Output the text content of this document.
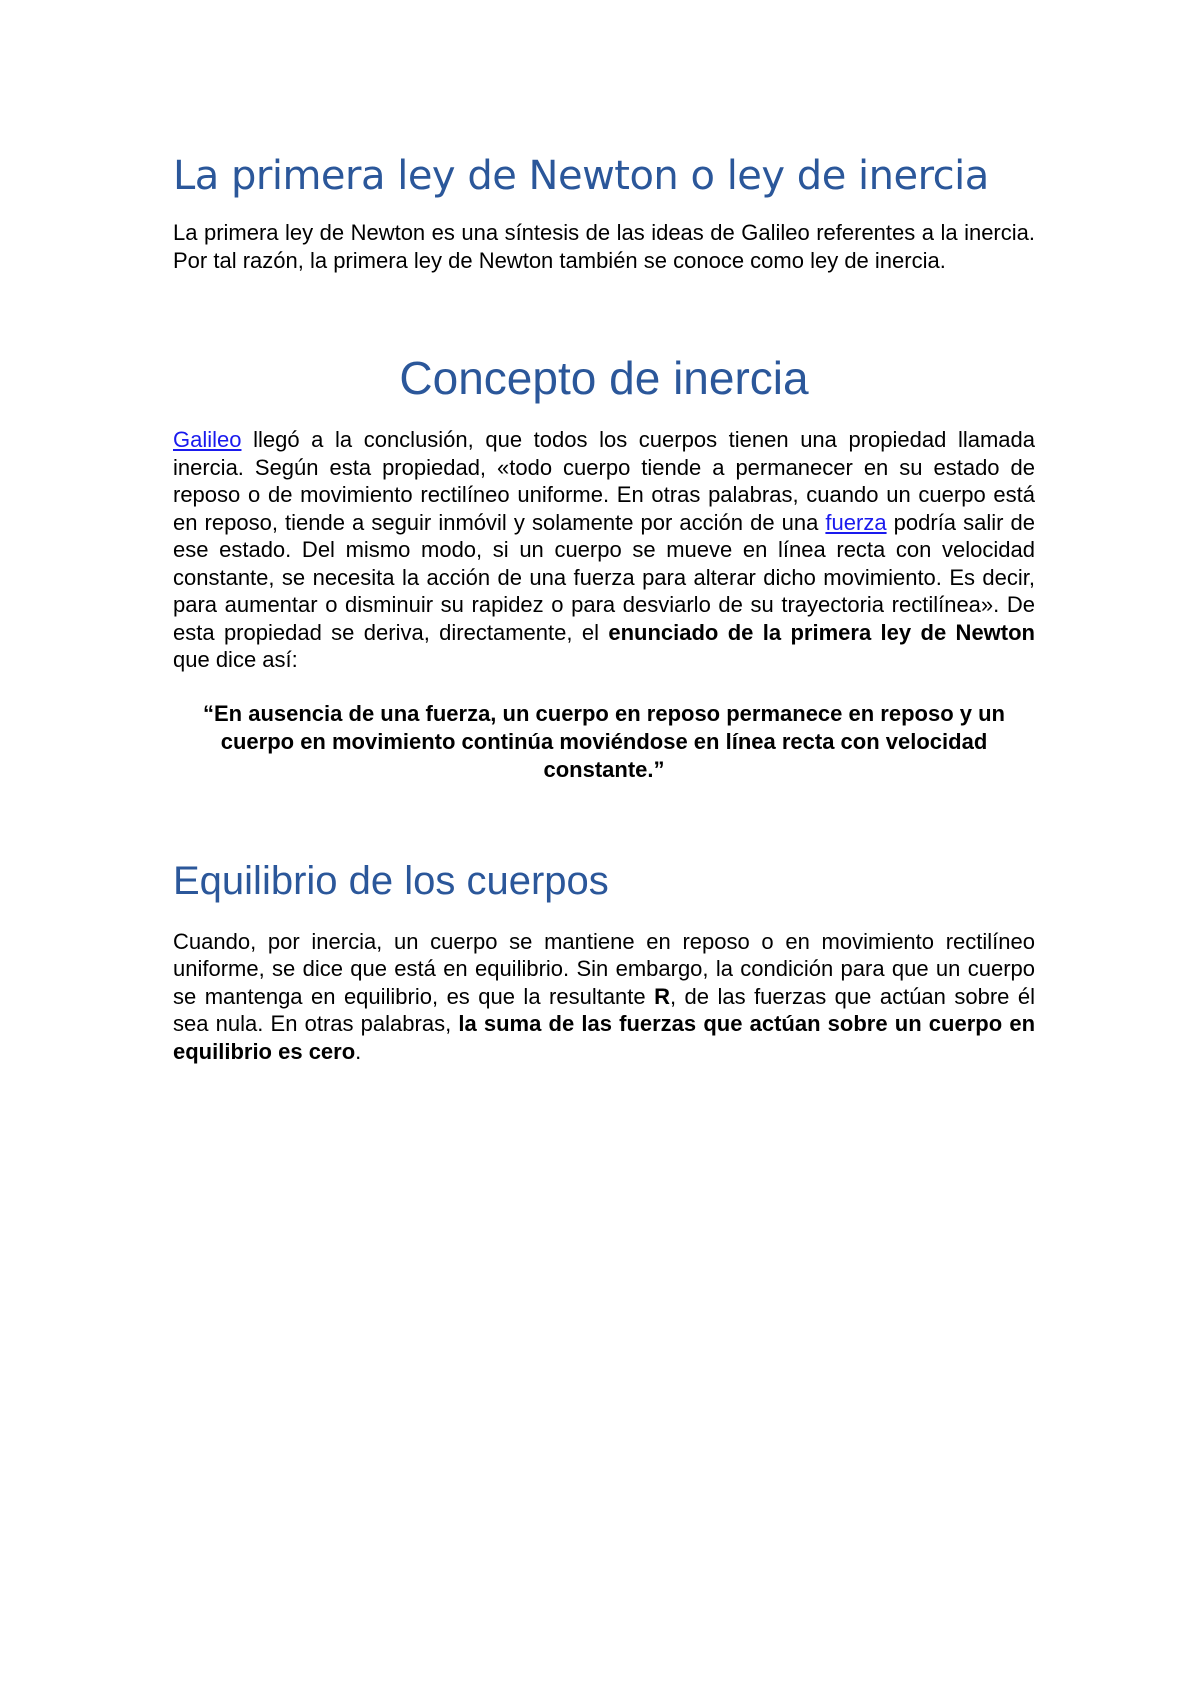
La primera ley de Newton o ley de inercia

La primera ley de Newton es una síntesis de las ideas de Galileo referentes a la inercia. Por tal razón, la primera ley de Newton también se conoce como ley de inercia.

Concepto de inercia

Galileo llegó a la conclusión, que todos los cuerpos tienen una propiedad llamada inercia. Según esta propiedad, «todo cuerpo tiende a permanecer en su estado de reposo o de movimiento rectilíneo uniforme. En otras palabras, cuando un cuerpo está en reposo, tiende a seguir inmóvil y solamente por acción de una fuerza podría salir de ese estado. Del mismo modo, si un cuerpo se mueve en línea recta con velocidad constante, se necesita la acción de una fuerza para alterar dicho movimiento. Es decir, para aumentar o disminuir su rapidez o para desviarlo de su trayectoria rectilínea». De esta propiedad se deriva, directamente, el enunciado de la primera ley de Newton que dice así:

“En ausencia de una fuerza, un cuerpo en reposo permanece en reposo y un cuerpo en movimiento continúa moviéndose en línea recta con velocidad constante.”

Equilibrio de los cuerpos

Cuando, por inercia, un cuerpo se mantiene en reposo o en movimiento rectilíneo uniforme, se dice que está en equilibrio. Sin embargo, la condición para que un cuerpo se mantenga en equilibrio, es que la resultante R, de las fuerzas que actúan sobre él sea nula. En otras palabras, la suma de las fuerzas que actúan sobre un cuerpo en equilibrio es cero.
